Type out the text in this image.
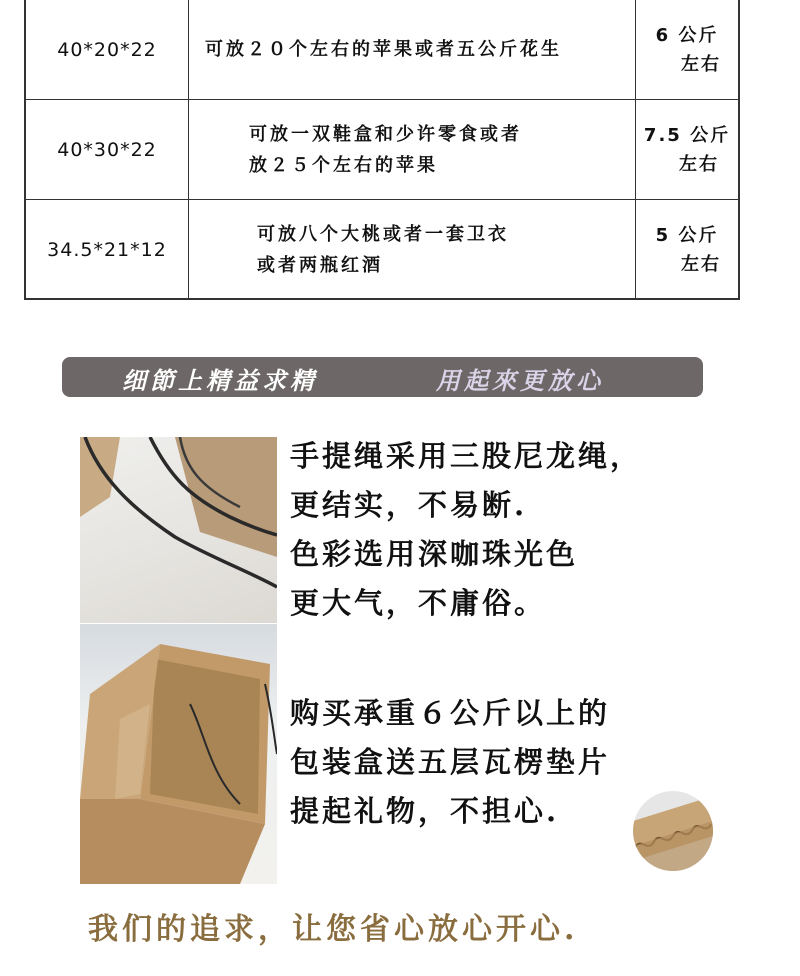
40*20*22	可放２０个左右的苹果或者五公斤花生
6 公斤
左右
40*30*22
可放一双鞋盒和少许零食或者
放２５个左右的苹果
7.5 公斤
左右
34.5*21*12
可放八个大桃或者一套卫衣
或者两瓶红酒
5 公斤
左右
细節上精益求精	用起來更放心
手提绳采用三股尼龙绳，
更结实，不易断.
色彩选用深咖珠光色
更大气，不庸俗。
购买承重６公斤以上的
包装盒送五层瓦楞垫片
提起礼物，不担心.
我们的追求，让您省心放心开心.
